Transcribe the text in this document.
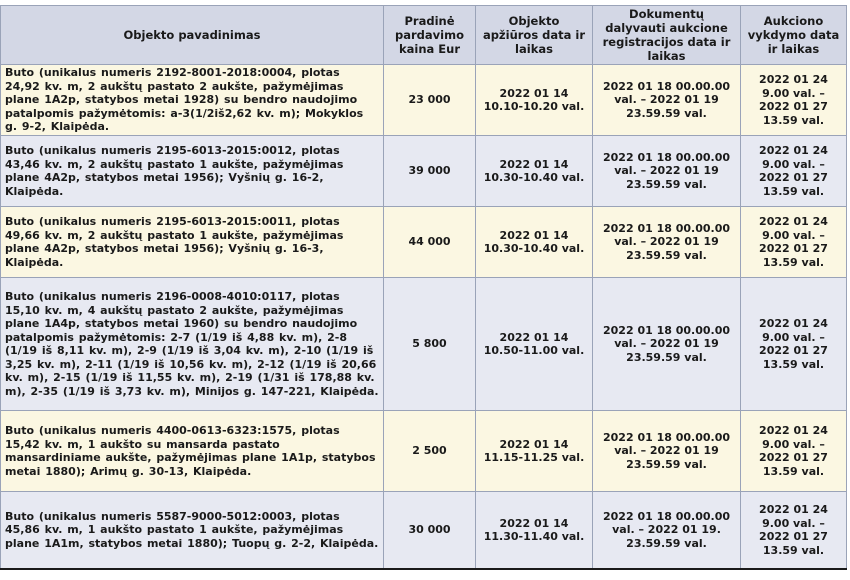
Objekto pavadinimas	Pradinė pardavimo kaina Eur	Objekto apžiūros data ir laikas	Dokumentų dalyvauti aukcione registracijos data ir laikas	Aukciono vykdymo data ir laikas
Buto (unikalus numeris 2192-8001-2018:0004, plotas 24,92 kv. m, 2 aukštų pastato 2 aukšte, pažymėjimas plane 1A2p, statybos metai 1928) su bendro naudojimo patalpomis pažymėtomis: a-3(1/2iš2,62 kv. m); Mokyklos g. 9-2, Klaipėda.	23 000	2022 01 14 10.10-10.20 val.	2022 01 18 00.00.00 val. – 2022 01 19 23.59.59 val.	2022 01 24 9.00 val. – 2022 01 27 13.59 val.
Buto (unikalus numeris 2195-6013-2015:0012, plotas 43,46 kv. m, 2 aukštų pastato 1 aukšte, pažymėjimas plane 4A2p, statybos metai 1956); Vyšnių g. 16-2, Klaipėda.	39 000	2022 01 14 10.30-10.40 val.	2022 01 18 00.00.00 val. – 2022 01 19 23.59.59 val.	2022 01 24 9.00 val. – 2022 01 27 13.59 val.
Buto (unikalus numeris 2195-6013-2015:0011, plotas 49,66 kv. m, 2 aukštų pastato 1 aukšte, pažymėjimas plane 4A2p, statybos metai 1956); Vyšnių g. 16-3, Klaipėda.	44 000	2022 01 14 10.30-10.40 val.	2022 01 18 00.00.00 val. – 2022 01 19 23.59.59 val.	2022 01 24 9.00 val. – 2022 01 27 13.59 val.
Buto (unikalus numeris 2196-0008-4010:0117, plotas 15,10 kv. m, 4 aukštų pastato 2 aukšte, pažymėjimas plane 1A4p, statybos metai 1960) su bendro naudojimo patalpomis pažymėtomis: 2-7 (1/19 iš 4,88 kv. m), 2-8 (1/19 iš 8,11 kv. m), 2-9 (1/19 iš 3,04 kv. m), 2-10 (1/19 iš 3,25 kv. m), 2-11 (1/19 iš 10,56 kv. m), 2-12 (1/19 iš 20,66 kv. m), 2-15 (1/19 iš 11,55 kv. m), 2-19 (1/31 iš 178,88 kv. m), 2-35 (1/19 iš 3,73 kv. m), Minijos g. 147-221, Klaipėda.	5 800	2022 01 14 10.50-11.00 val.	2022 01 18 00.00.00 val. – 2022 01 19 23.59.59 val.	2022 01 24 9.00 val. – 2022 01 27 13.59 val.
Buto (unikalus numeris 4400-0613-6323:1575, plotas 15,42 kv. m, 1 aukšto su mansarda pastato mansardiniame aukšte, pažymėjimas plane 1A1p, statybos metai 1880); Arimų g. 30-13, Klaipėda.	2 500	2022 01 14 11.15-11.25 val.	2022 01 18 00.00.00 val. – 2022 01 19 23.59.59 val.	2022 01 24 9.00 val. – 2022 01 27 13.59 val.
Buto (unikalus numeris 5587-9000-5012:0003, plotas 45,86 kv. m, 1 aukšto pastato 1 aukšte, pažymėjimas plane 1A1m, statybos metai 1880); Tuopų g. 2-2, Klaipėda.	30 000	2022 01 14 11.30-11.40 val.	2022 01 18 00.00.00 val. – 2022 01 19. 23.59.59 val.	2022 01 24 9.00 val. – 2022 01 27 13.59 val.
